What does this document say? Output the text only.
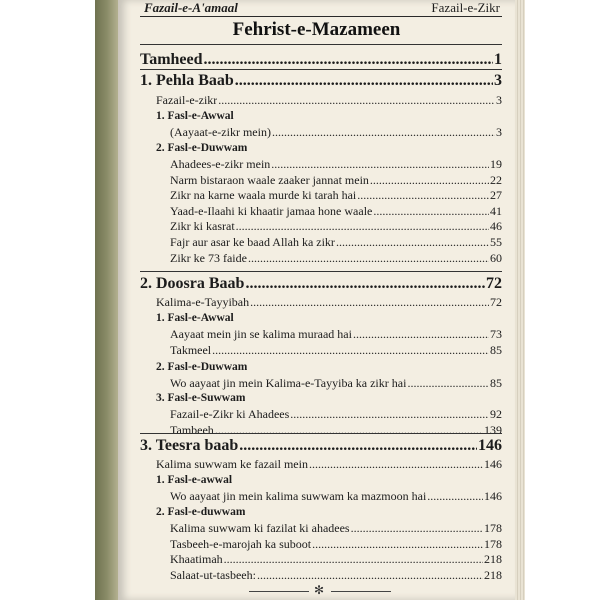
Fazail-e-A'amaal	Fazail-e-Zikr
Fehrist-e-Mazameen
Tamheed .....	1
1. Pehla Baab .....	3
Fazail-e-zikr .....	3
1. Fasl-e-Awwal
(Aayaat-e-zikr mein) .....	3
2. Fasl-e-Duwwam
Ahadees-e-zikr mein .....	19
Narm bistaraon waale zaaker jannat mein .....	22
Zikr na karne waala murde ki tarah hai .....	27
Yaad-e-Ilaahi ki khaatir jamaa hone waale .....	41
Zikr ki kasrat .....	46
Fajr aur asar ke baad Allah ka zikr .....	55
Zikr ke 73 faide .....	60
2. Doosra Baab .....	72
Kalima-e-Tayyibah .....	72
1. Fasl-e-Awwal
Aayaat mein jin se kalima muraad hai .....	73
Takmeel .....	85
2. Fasl-e-Duwwam
Wo aayaat jin mein Kalima-e-Tayyiba ka zikr hai .....	85
3. Fasl-e-Suwwam
Fazail-e-Zikr ki Ahadees .....	92
Tambeeh .....	139
3. Teesra baab .....	146
Kalima suwwam ke fazail mein .....	146
1. Fasl-e-awwal
Wo aayaat jin mein kalima suwwam ka mazmoon hai .....	146
2. Fasl-e-duwwam
Kalima suwwam ki fazilat ki ahadees .....	178
Tasbeeh-e-marojah ka suboot .....	178
Khaatimah .....	218
Salaat-ut-tasbeeh: .....	218
✻
